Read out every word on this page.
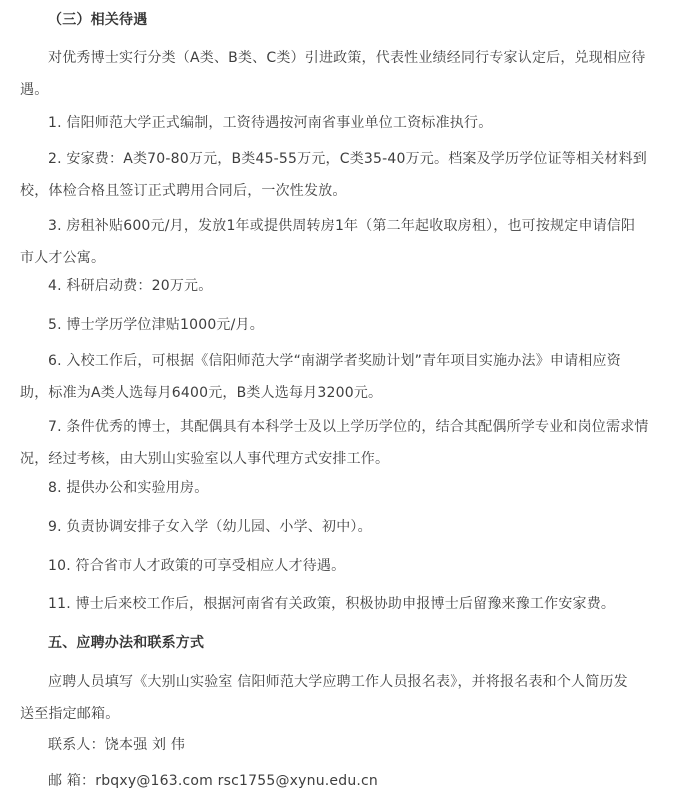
（三）相关待遇
对优秀博士实行分类（A类、B类、C类）引进政策，代表性业绩经同行专家认定后，兑现相应待
遇。
1. 信阳师范大学正式编制，工资待遇按河南省事业单位工资标准执行。
2. 安家费：A类70-80万元，B类45-55万元，C类35-40万元。档案及学历学位证等相关材料到
校，体检合格且签订正式聘用合同后，一次性发放。
3. 房租补贴600元/月，发放1年或提供周转房1年（第二年起收取房租），也可按规定申请信阳
市人才公寓。
4. 科研启动费：20万元。
5. 博士学历学位津贴1000元/月。
6. 入校工作后，可根据《信阳师范大学“南湖学者奖励计划”青年项目实施办法》申请相应资
助，标准为A类人选每月6400元，B类人选每月3200元。
7. 条件优秀的博士，其配偶具有本科学士及以上学历学位的，结合其配偶所学专业和岗位需求情
况，经过考核，由大别山实验室以人事代理方式安排工作。
8. 提供办公和实验用房。
9. 负责协调安排子女入学（幼儿园、小学、初中）。
10. 符合省市人才政策的可享受相应人才待遇。
11. 博士后来校工作后，根据河南省有关政策，积极协助申报博士后留豫来豫工作安家费。
五、应聘办法和联系方式
应聘人员填写《大别山实验室 信阳师范大学应聘工作人员报名表》，并将报名表和个人简历发
送至指定邮箱。
联系人：饶本强 刘 伟
邮 箱：rbqxy@163.com rsc1755@xynu.edu.cn
